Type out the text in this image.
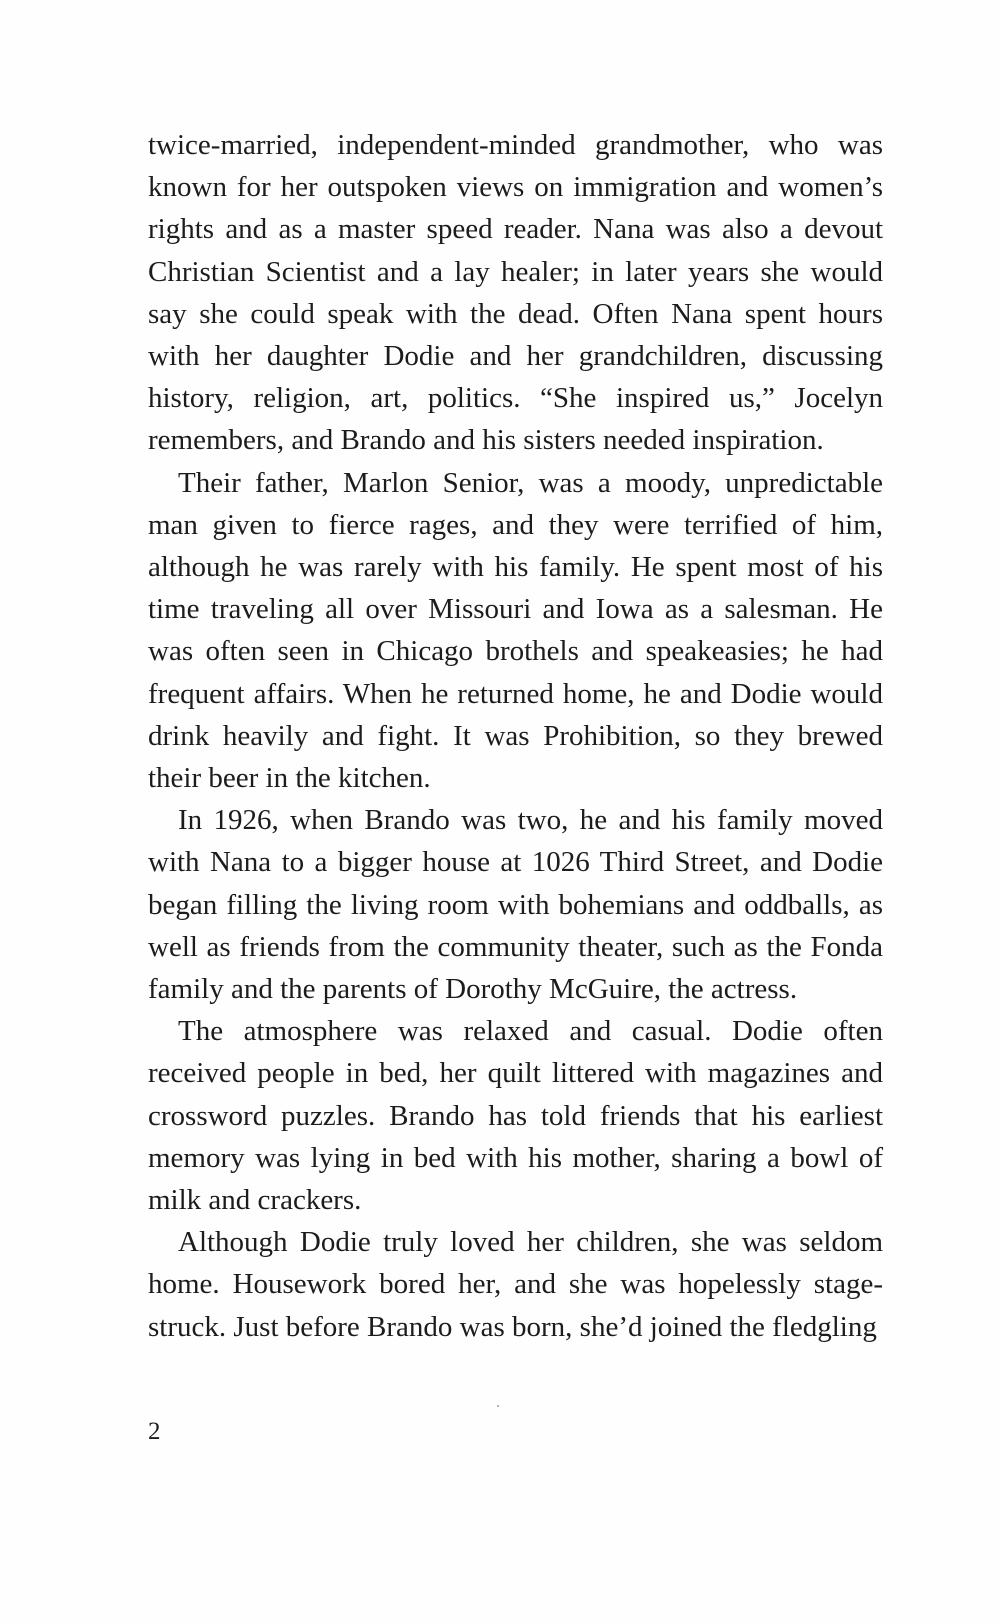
twice-married, independent-minded grandmother, who was known for her outspoken views on immigration and women’s rights and as a master speed reader. Nana was also a devout Christian Scientist and a lay healer; in later years she would say she could speak with the dead. Often Nana spent hours with her daughter Dodie and her grandchildren, discussing history, religion, art, politics. “She inspired us,” Jocelyn remembers, and Brando and his sisters needed inspiration.

Their father, Marlon Senior, was a moody, unpredictable man given to fierce rages, and they were terrified of him, although he was rarely with his family. He spent most of his time traveling all over Missouri and Iowa as a salesman. He was often seen in Chicago brothels and speakeasies; he had frequent affairs. When he returned home, he and Dodie would drink heavily and fight. It was Prohibition, so they brewed their beer in the kitchen.

In 1926, when Brando was two, he and his family moved with Nana to a bigger house at 1026 Third Street, and Dodie began filling the living room with bohemians and oddballs, as well as friends from the community theater, such as the Fonda family and the parents of Dorothy McGuire, the actress.

The atmosphere was relaxed and casual. Dodie often received people in bed, her quilt littered with magazines and crossword puzzles. Brando has told friends that his earliest memory was lying in bed with his mother, sharing a bowl of milk and crackers.

Although Dodie truly loved her children, she was seldom home. Housework bored her, and she was hopelessly stage-struck. Just before Brando was born, she’d joined the fledgling

2
